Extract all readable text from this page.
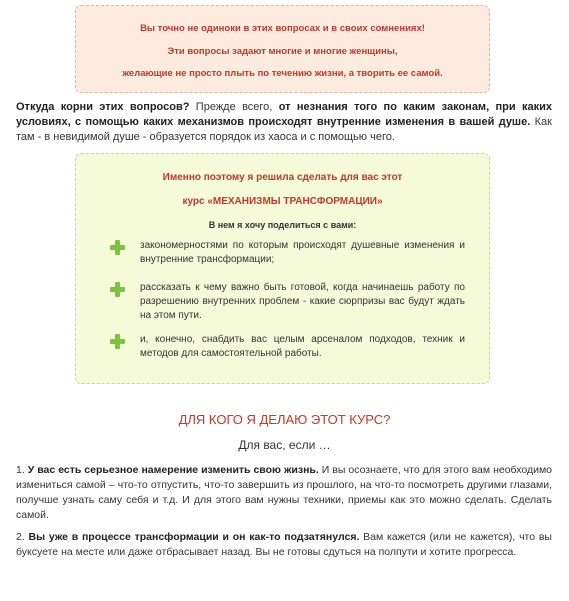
Вы точно не одиноки в этих вопросах и в своих сомнениях!
Эти вопросы задают многие и многие женщины,
желающие не просто плыть по течению жизни, а творить ее самой.
Откуда корни этих вопросов? Прежде всего, от незнания того по каким законам, при каких условиях, с помощью каких механизмов происходят внутренние изменения в вашей душе. Как там - в невидимой душе - образуется порядок из хаоса и с помощью чего.
Именно поэтому я решила сделать для вас этот
курс «МЕХАНИЗМЫ ТРАНСФОРМАЦИИ»
В нем я хочу поделиться с вами:
закономерностями по которым происходят душевные изменения и внутренние трансформации;
рассказать к чему важно быть готовой, когда начинаешь работу по разрешению внутренних проблем - какие сюрпризы вас будут ждать на этом пути.
и, конечно, снабдить вас целым арсеналом подходов, техник и методов для самостоятельной работы.
ДЛЯ КОГО Я ДЕЛАЮ ЭТОТ КУРС?
Для вас, если …
1. У вас есть серьезное намерение изменить свою жизнь. И вы осознаете, что для этого вам необходимо измениться самой – что-то отпустить, что-то завершить из прошлого, на что-то посмотреть другими глазами, получше узнать саму себя и т.д. И для этого вам нужны техники, приемы как это можно сделать. Сделать самой.
2. Вы уже в процессе трансформации и он как-то подзатянулся. Вам кажется (или не кажется), что вы буксуете на месте или даже отбрасывает назад. Вы не готовы сдуться на полпути и хотите прогресса.
